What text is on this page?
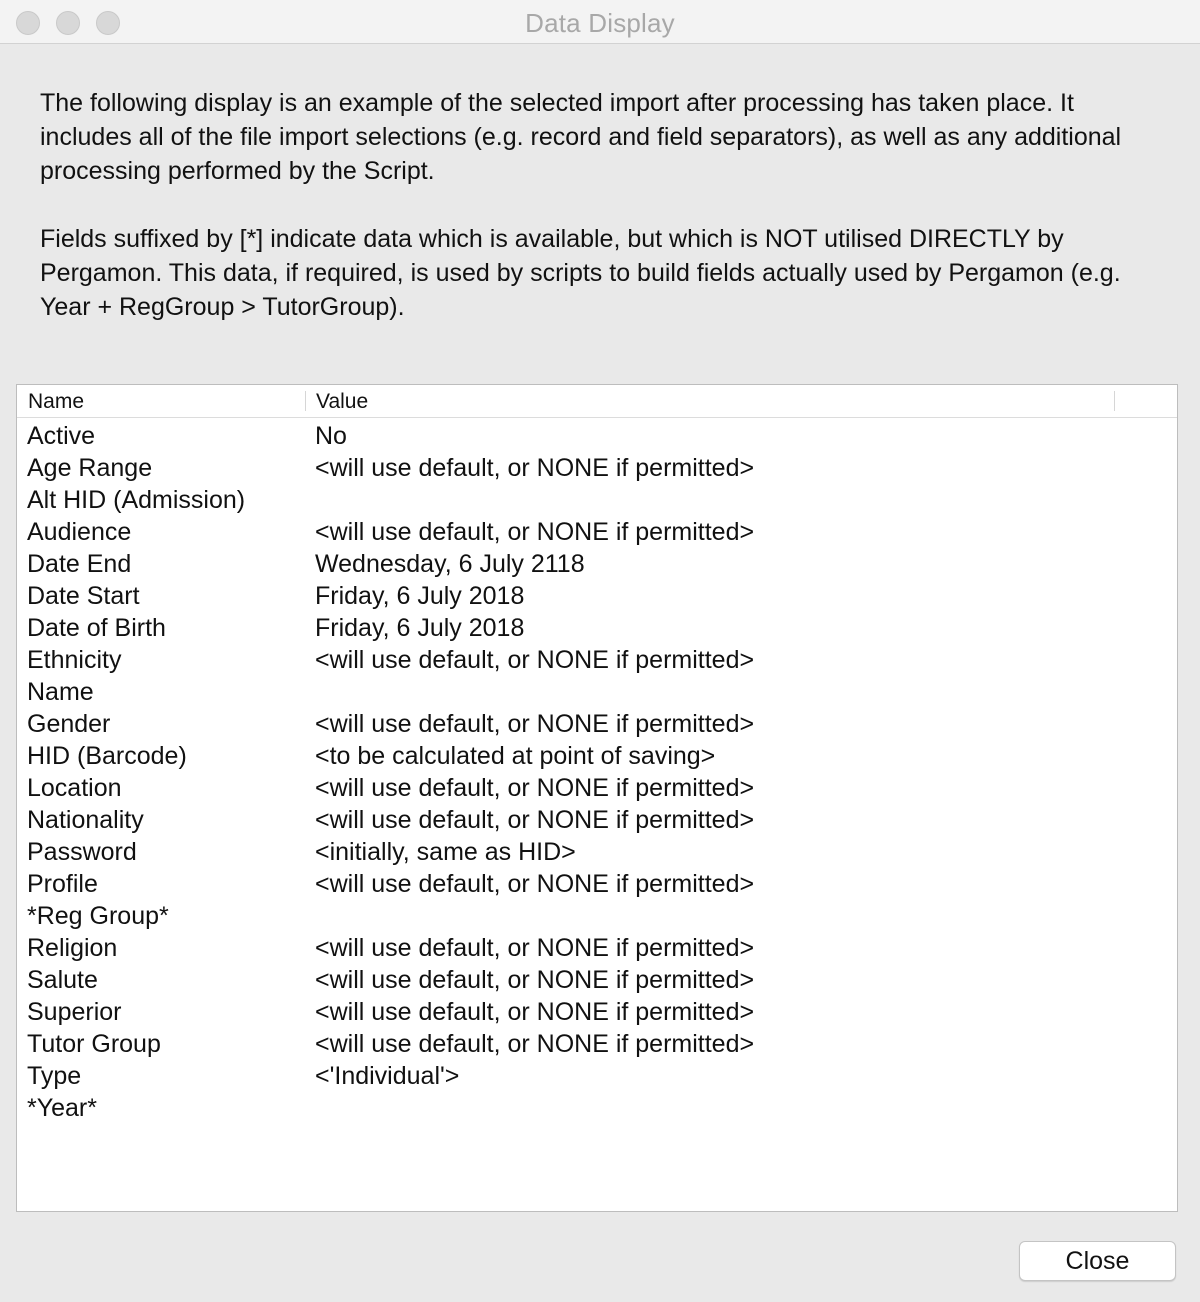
Data Display

The following display is an example of the selected import after processing has taken place. It includes all of the file import selections (e.g. record and field separators), as well as any additional processing performed by the Script.

Fields suffixed by [*] indicate data which is available, but which is NOT utilised DIRECTLY by Pergamon. This data, if required, is used by scripts to build fields actually used by Pergamon (e.g. Year + RegGroup > TutorGroup).

Name	Value
Active	No
Age Range	<will use default, or NONE if permitted>
Alt HID (Admission)
Audience	<will use default, or NONE if permitted>
Date End	Wednesday, 6 July 2118
Date Start	Friday, 6 July 2018
Date of Birth	Friday, 6 July 2018
Ethnicity	<will use default, or NONE if permitted>
Name
Gender	<will use default, or NONE if permitted>
HID (Barcode)	<to be calculated at point of saving>
Location	<will use default, or NONE if permitted>
Nationality	<will use default, or NONE if permitted>
Password	<initially, same as HID>
Profile	<will use default, or NONE if permitted>
*Reg Group*
Religion	<will use default, or NONE if permitted>
Salute	<will use default, or NONE if permitted>
Superior	<will use default, or NONE if permitted>
Tutor Group	<will use default, or NONE if permitted>
Type	<'Individual'>
*Year*
Close
